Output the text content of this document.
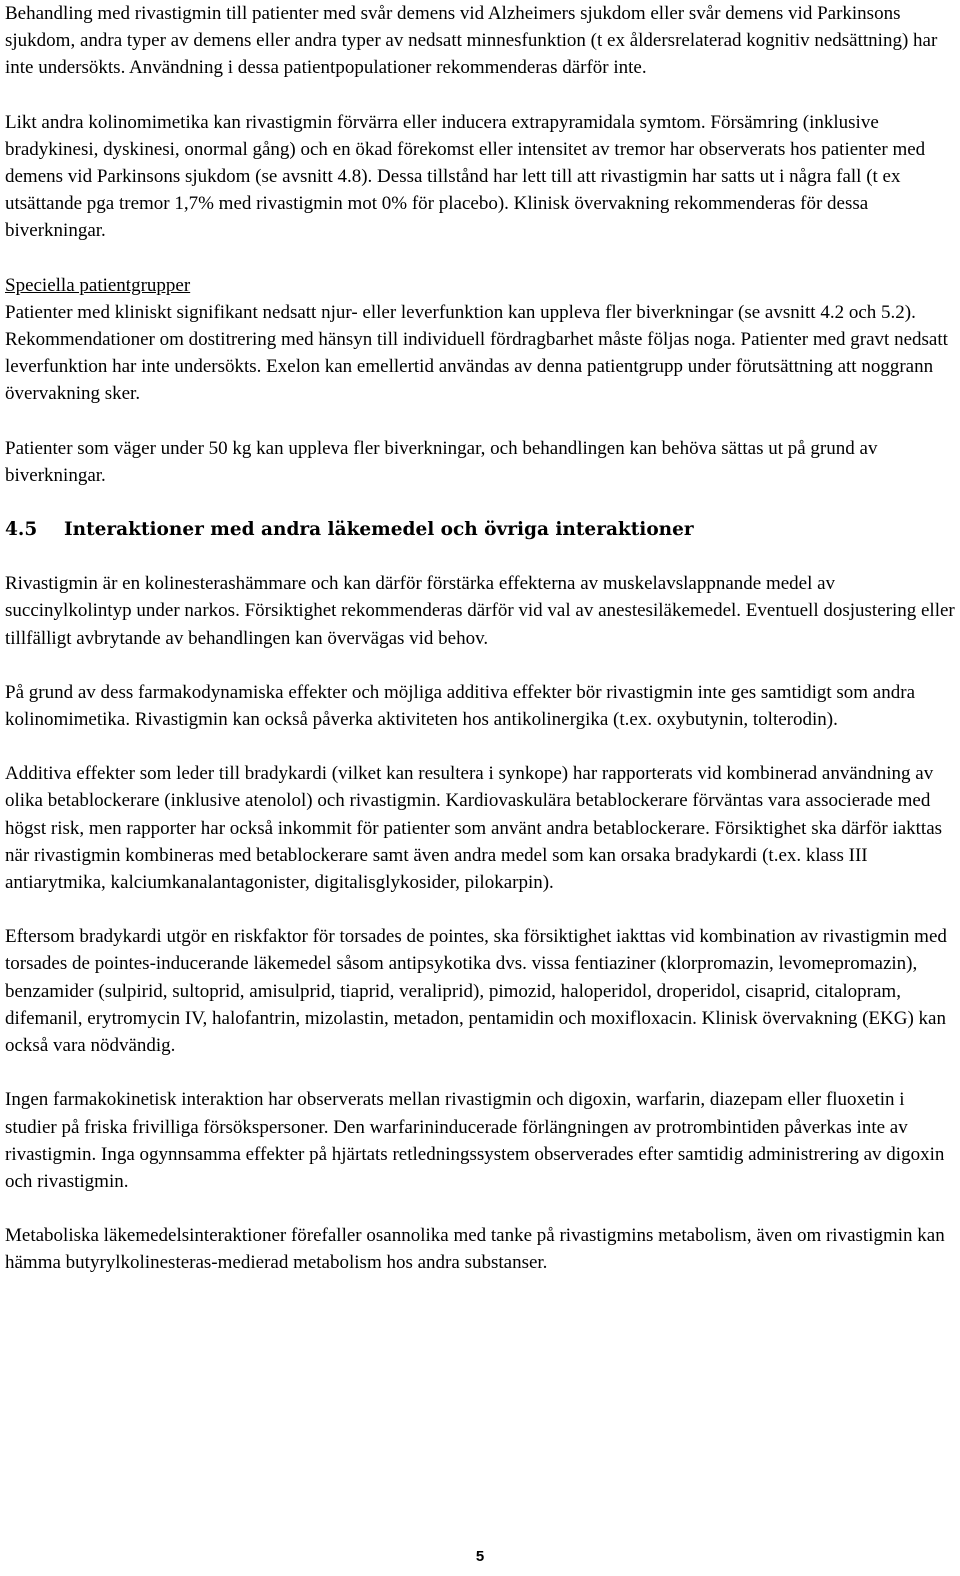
Behandling med rivastigmin till patienter med svår demens vid Alzheimers sjukdom eller svår demens vid Parkinsons sjukdom, andra typer av demens eller andra typer av nedsatt minnesfunktion (t ex åldersrelaterad kognitiv nedsättning) har inte undersökts. Användning i dessa patientpopulationer rekommenderas därför inte.

Likt andra kolinomimetika kan rivastigmin förvärra eller inducera extrapyramidala symtom. Försämring (inklusive bradykinesi, dyskinesi, onormal gång) och en ökad förekomst eller intensitet av tremor har observerats hos patienter med demens vid Parkinsons sjukdom (se avsnitt 4.8). Dessa tillstånd har lett till att rivastigmin har satts ut i några fall (t ex utsättande pga tremor 1,7% med rivastigmin mot 0% för placebo). Klinisk övervakning rekommenderas för dessa biverkningar.

Speciella patientgrupper

Patienter med kliniskt signifikant nedsatt njur- eller leverfunktion kan uppleva fler biverkningar (se avsnitt 4.2 och 5.2). Rekommendationer om dostitrering med hänsyn till individuell fördragbarhet måste följas noga. Patienter med gravt nedsatt leverfunktion har inte undersökts. Exelon kan emellertid användas av denna patientgrupp under förutsättning att noggrann övervakning sker.

Patienter som väger under 50 kg kan uppleva fler biverkningar, och behandlingen kan behöva sättas ut på grund av biverkningar.

4.5	Interaktioner med andra läkemedel och övriga interaktioner

Rivastigmin är en kolinesterashämmare och kan därför förstärka effekterna av muskelavslappnande medel av succinylkolintyp under narkos. Försiktighet rekommenderas därför vid val av anestesiläkemedel. Eventuell dosjustering eller tillfälligt avbrytande av behandlingen kan övervägas vid behov.

På grund av dess farmakodynamiska effekter och möjliga additiva effekter bör rivastigmin inte ges samtidigt som andra kolinomimetika. Rivastigmin kan också påverka aktiviteten hos antikolinergika (t.ex. oxybutynin, tolterodin).

Additiva effekter som leder till bradykardi (vilket kan resultera i synkope) har rapporterats vid kombinerad användning av olika betablockerare (inklusive atenolol) och rivastigmin. Kardiovaskulära betablockerare förväntas vara associerade med högst risk, men rapporter har också inkommit för patienter som använt andra betablockerare. Försiktighet ska därför iakttas när rivastigmin kombineras med betablockerare samt även andra medel som kan orsaka bradykardi (t.ex. klass III antiarytmika, kalciumkanalantagonister, digitalisglykosider, pilokarpin).

Eftersom bradykardi utgör en riskfaktor för torsades de pointes, ska försiktighet iakttas vid kombination av rivastigmin med torsades de pointes-inducerande läkemedel såsom antipsykotika dvs. vissa fentiaziner (klorpromazin, levomepromazin), benzamider (sulpirid, sultoprid, amisulprid, tiaprid, veraliprid), pimozid, haloperidol, droperidol, cisaprid, citalopram, difemanil, erytromycin IV, halofantrin, mizolastin, metadon, pentamidin och moxifloxacin. Klinisk övervakning (EKG) kan också vara nödvändig.

Ingen farmakokinetisk interaktion har observerats mellan rivastigmin och digoxin, warfarin, diazepam eller fluoxetin i studier på friska frivilliga försökspersoner. Den warfarininducerade förlängningen av protrombintiden påverkas inte av rivastigmin. Inga ogynnsamma effekter på hjärtats retledningssystem observerades efter samtidig administrering av digoxin och rivastigmin.

Metaboliska läkemedelsinteraktioner förefaller osannolika med tanke på rivastigmins metabolism, även om rivastigmin kan hämma butyrylkolinesteras-medierad metabolism hos andra substanser.

5
